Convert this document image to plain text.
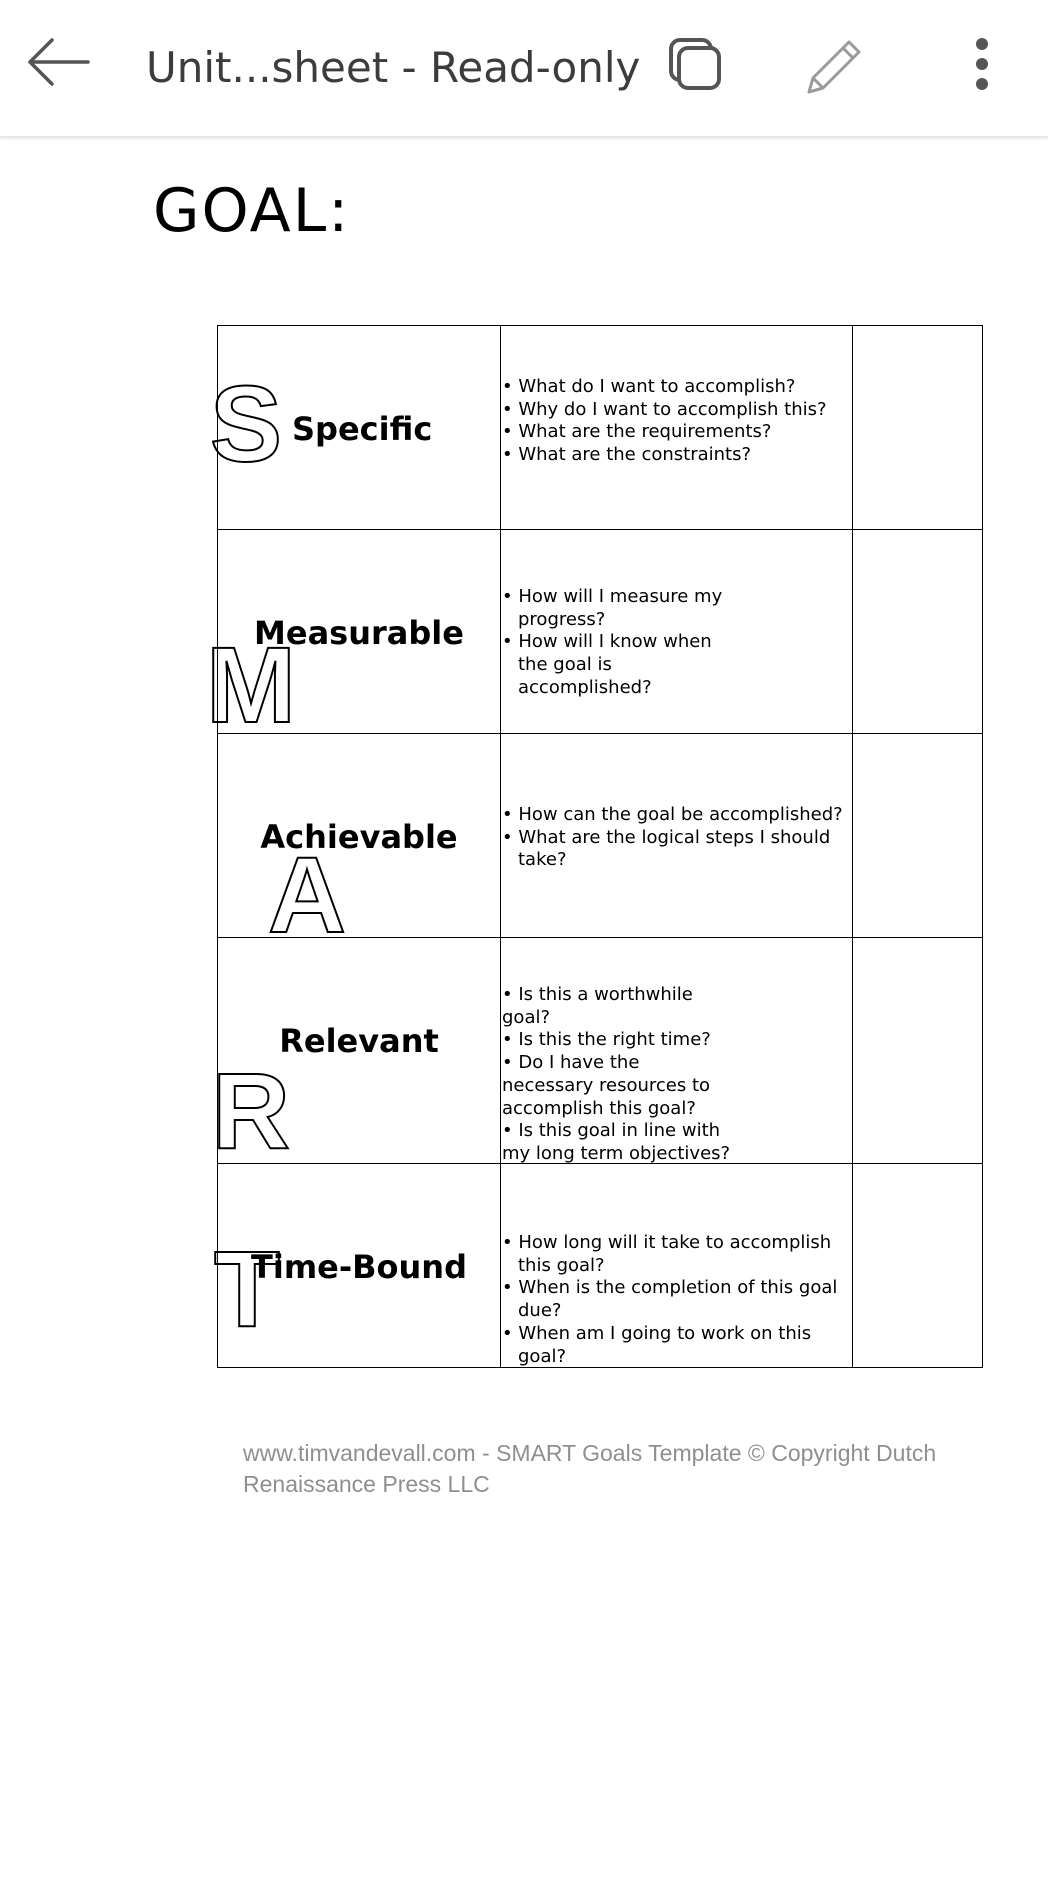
Unit...sheet - Read-only
GOAL:
S Specific
• What do I want to accomplish?
• Why do I want to accomplish this?
• What are the requirements?
• What are the constraints?
Measurable
M
• How will I measure my progress?
• How will I know when the goal is accomplished?
Achievable
A
• How can the goal be accomplished?
• What are the logical steps I should take?
Relevant
R
• Is this a worthwhile goal?
• Is this the right time?
• Do I have the necessary resources to accomplish this goal?
• Is this goal in line with my long term objectives?
Time-Bound
T
•	How long will it take to accomplish this goal?
• When is the completion of this goal due?
• When am I going to work on this goal?
www.timvandevall.com - SMART Goals Template © Copyright Dutch Renaissance Press LLC
